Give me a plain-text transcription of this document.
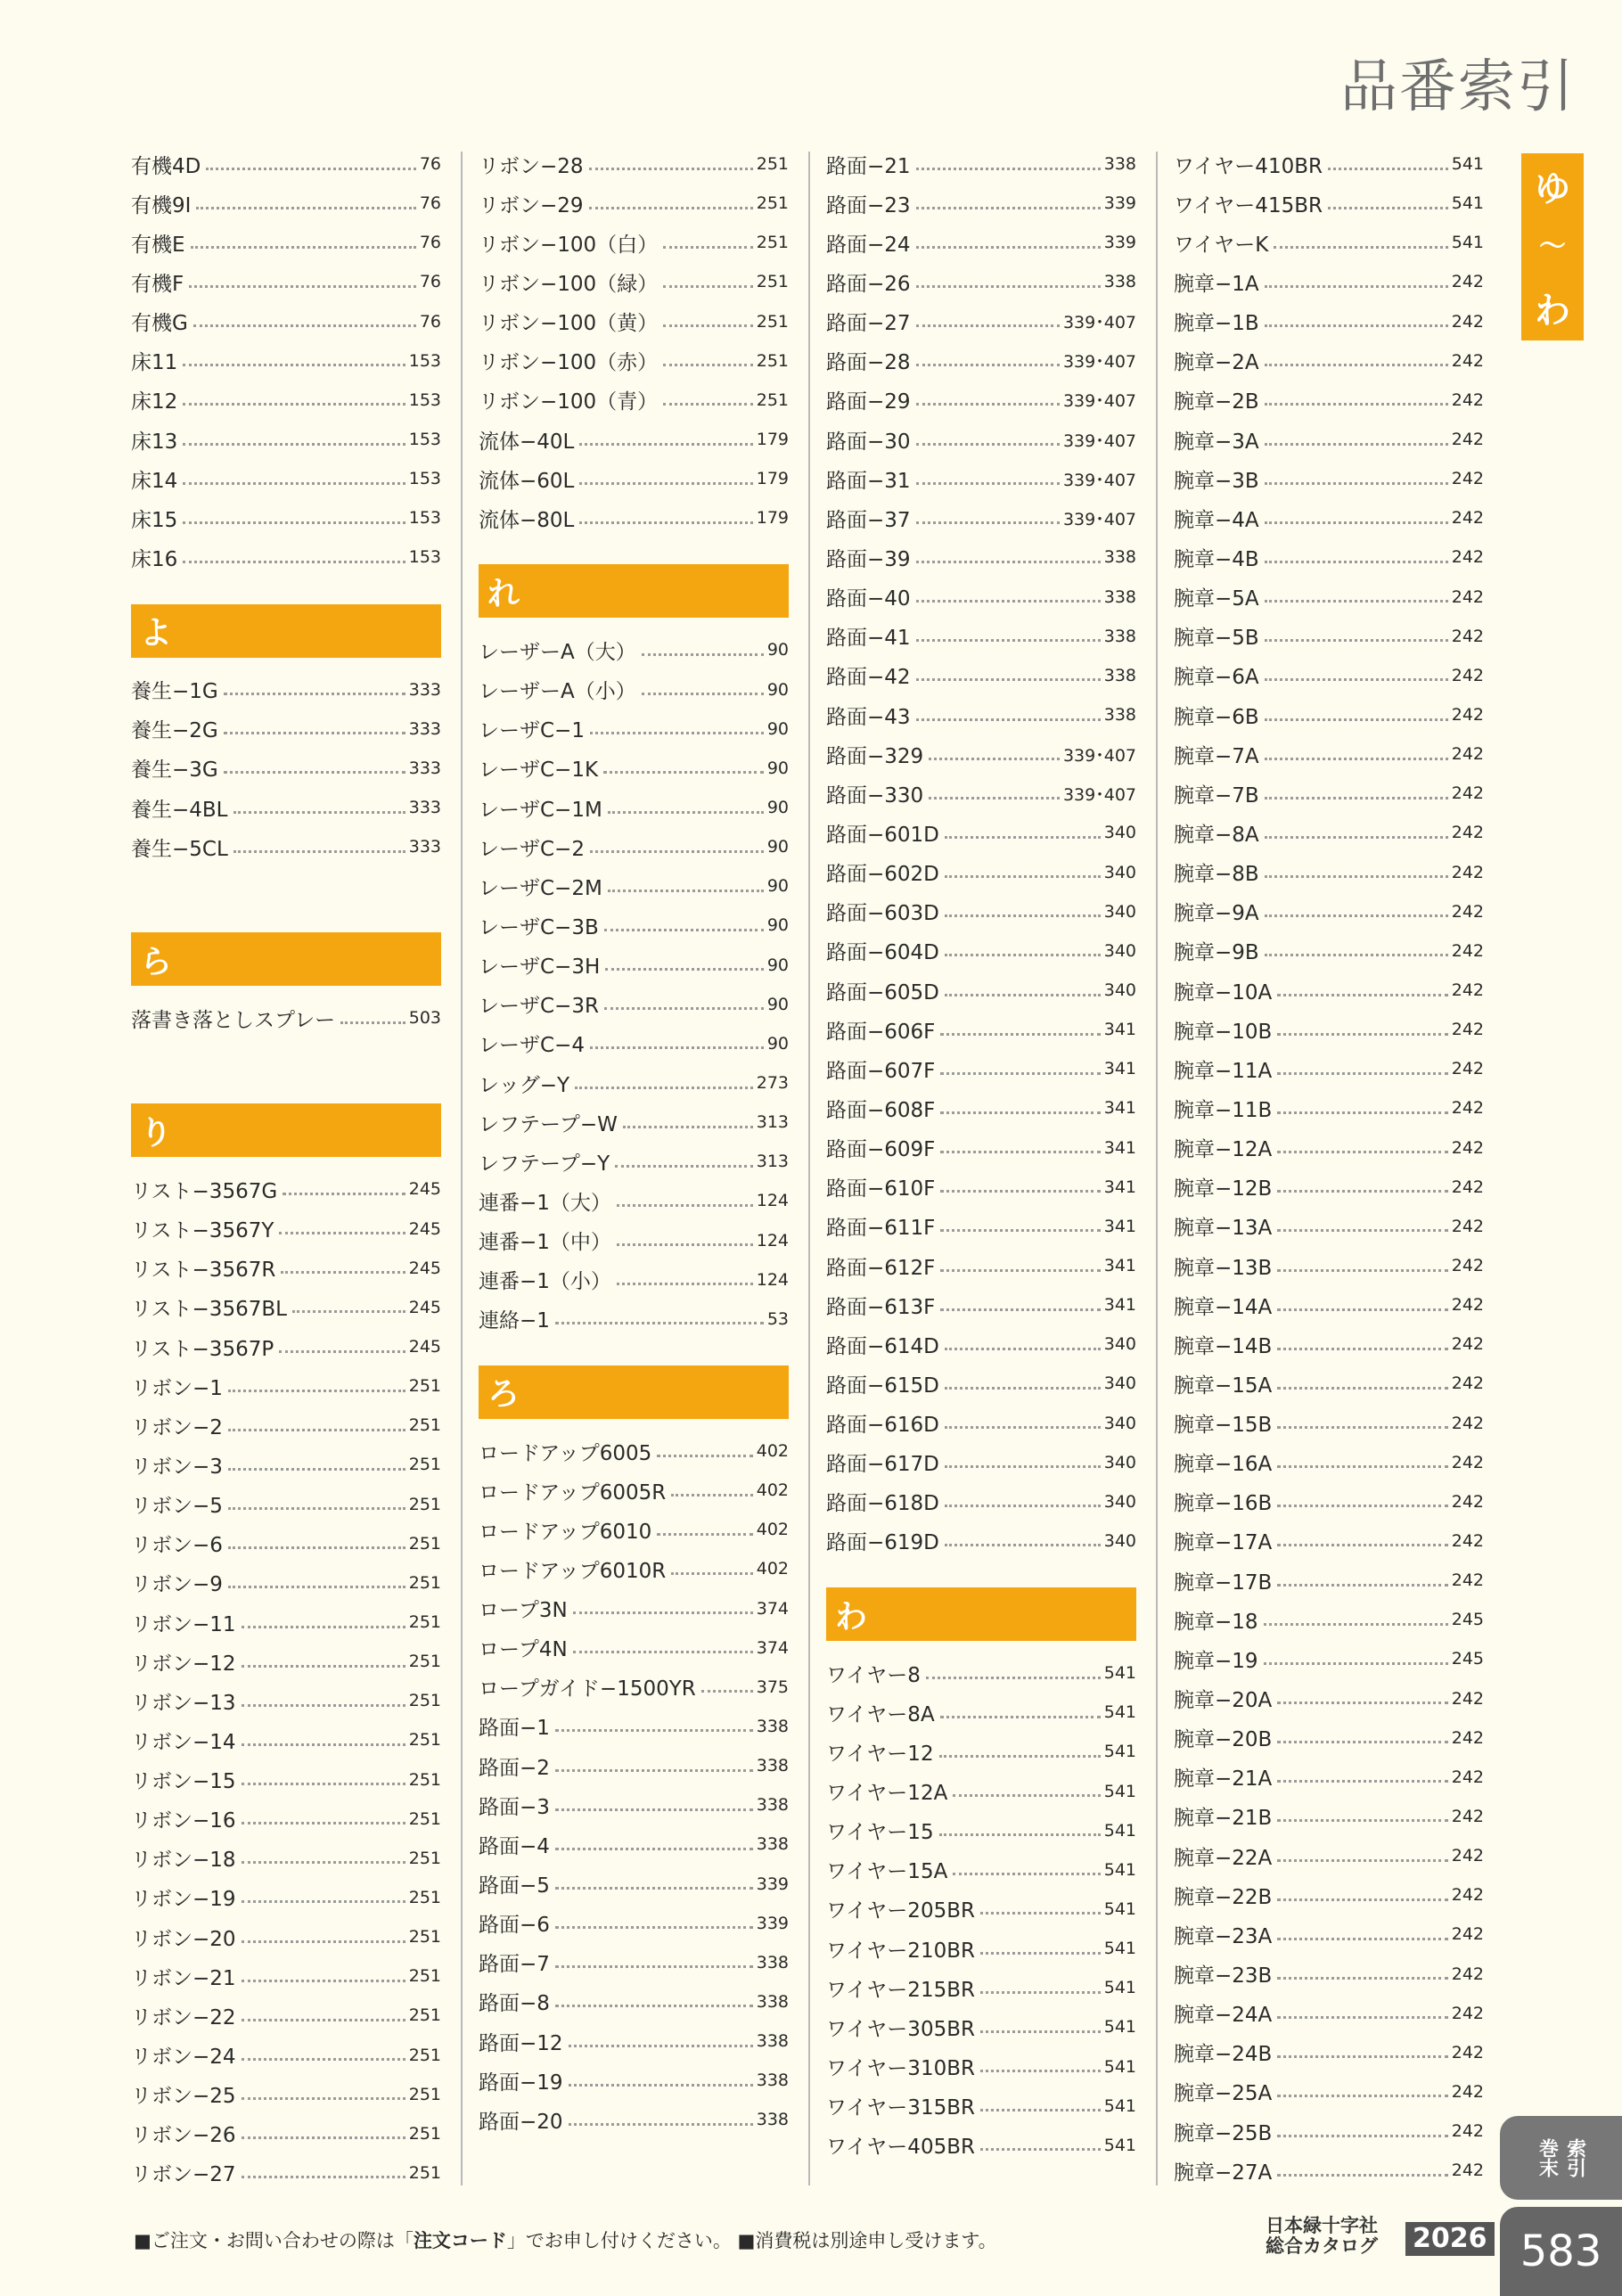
品番索引
有機4D	76
有機9I	76
有機E	76
有機F	76
有機G	76
床11	153
床12	153
床13	153
床14	153
床15	153
床16	153
よ
養生−1G	333
養生−2G	333
養生−3G	333
養生−4BL	333
養生−5CL	333
ら
落書き落としスプレー	503
り
リスト−3567G	245
リスト−3567Y	245
リスト−3567R	245
リスト−3567BL	245
リスト−3567P	245
リボン−1	251
リボン−2	251
リボン−3	251
リボン−5	251
リボン−6	251
リボン−9	251
リボン−11	251
リボン−12	251
リボン−13	251
リボン−14	251
リボン−15	251
リボン−16	251
リボン−18	251
リボン−19	251
リボン−20	251
リボン−21	251
リボン−22	251
リボン−24	251
リボン−25	251
リボン−26	251
リボン−27	251
リボン−28	251
リボン−29	251
リボン−100（白）	251
リボン−100（緑）	251
リボン−100（黄）	251
リボン−100（赤）	251
リボン−100（青）	251
流体−40L	179
流体−60L	179
流体−80L	179
れ
レーザーA（大）	90
レーザーA（小）	90
レーザC−1	90
レーザC−1K	90
レーザC−1M	90
レーザC−2	90
レーザC−2M	90
レーザC−3B	90
レーザC−3H	90
レーザC−3R	90
レーザC−4	90
レッグ−Y	273
レフテープ−W	313
レフテープ−Y	313
連番−1（大）	124
連番−1（中）	124
連番−1（小）	124
連絡−1	53
ろ
ロードアップ6005	402
ロードアップ6005R	402
ロードアップ6010	402
ロードアップ6010R	402
ロープ3N	374
ロープ4N	374
ロープガイド−1500YR	375
路面−1	338
路面−2	338
路面−3	338
路面−4	338
路面−5	339
路面−6	339
路面−7	338
路面−8	338
路面−12	338
路面−19	338
路面−20	338
路面−21	338
路面−23	339
路面−24	339
路面−26	338
路面−27	339･407
路面−28	339･407
路面−29	339･407
路面−30	339･407
路面−31	339･407
路面−37	339･407
路面−39	338
路面−40	338
路面−41	338
路面−42	338
路面−43	338
路面−329	339･407
路面−330	339･407
路面−601D	340
路面−602D	340
路面−603D	340
路面−604D	340
路面−605D	340
路面−606F	341
路面−607F	341
路面−608F	341
路面−609F	341
路面−610F	341
路面−611F	341
路面−612F	341
路面−613F	341
路面−614D	340
路面−615D	340
路面−616D	340
路面−617D	340
路面−618D	340
路面−619D	340
わ
ワイヤー8	541
ワイヤー8A	541
ワイヤー12	541
ワイヤー12A	541
ワイヤー15	541
ワイヤー15A	541
ワイヤー205BR	541
ワイヤー210BR	541
ワイヤー215BR	541
ワイヤー305BR	541
ワイヤー310BR	541
ワイヤー315BR	541
ワイヤー405BR	541
ワイヤー410BR	541
ワイヤー415BR	541
ワイヤーK	541
腕章−1A	242
腕章−1B	242
腕章−2A	242
腕章−2B	242
腕章−3A	242
腕章−3B	242
腕章−4A	242
腕章−4B	242
腕章−5A	242
腕章−5B	242
腕章−6A	242
腕章−6B	242
腕章−7A	242
腕章−7B	242
腕章−8A	242
腕章−8B	242
腕章−9A	242
腕章−9B	242
腕章−10A	242
腕章−10B	242
腕章−11A	242
腕章−11B	242
腕章−12A	242
腕章−12B	242
腕章−13A	242
腕章−13B	242
腕章−14A	242
腕章−14B	242
腕章−15A	242
腕章−15B	242
腕章−16A	242
腕章−16B	242
腕章−17A	242
腕章−17B	242
腕章−18	245
腕章−19	245
腕章−20A	242
腕章−20B	242
腕章−21A	242
腕章−21B	242
腕章−22A	242
腕章−22B	242
腕章−23A	242
腕章−23B	242
腕章−24A	242
腕章−24B	242
腕章−25A	242
腕章−25B	242
腕章−27A	242
ゆ
～
わ
巻末 索引
583
■ご注文・お問い合わせの際は「注文コード」でお申し付けください。 ■消費税は別途申し受けます。
日本緑十字社
総合カタログ 2026
